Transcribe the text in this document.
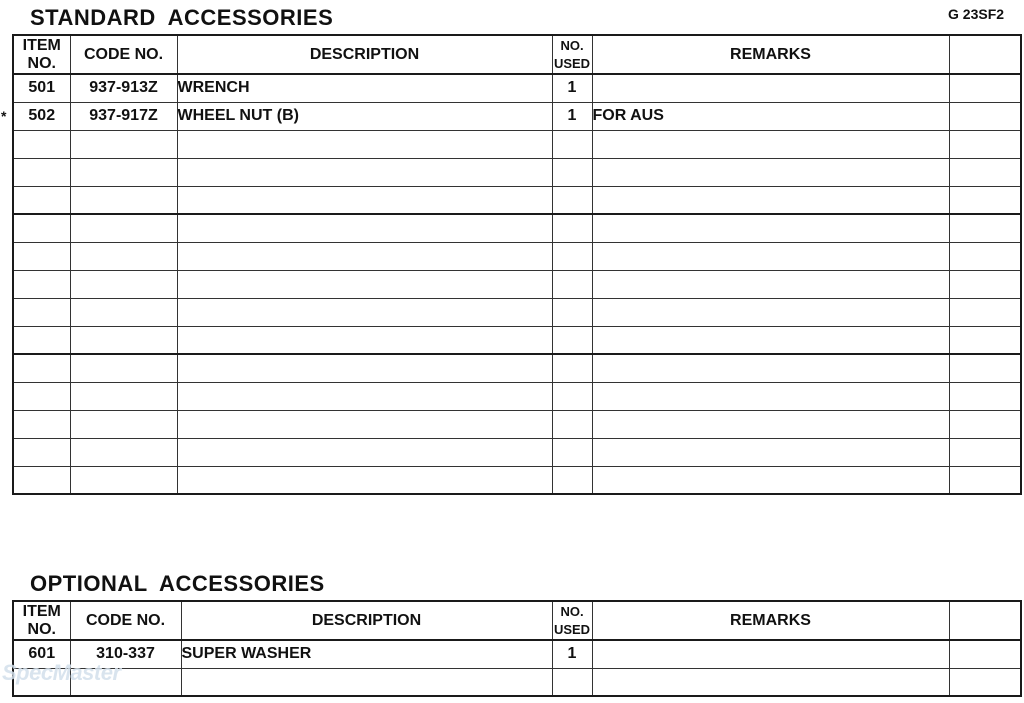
STANDARD ACCESSORIES	G 23SF2
ITEM
NO.	CODE NO.	DESCRIPTION	NO.
USED	REMARKS	
501	937-913Z	WRENCH	1		
502	937-917Z	WHEEL NUT (B)	1	FOR AUS	

*
OPTIONAL ACCESSORIES
ITEM
NO.	CODE NO.	DESCRIPTION	NO.
USED	REMARKS	
601	310-337	SUPER WASHER	1		

SpecMaster
